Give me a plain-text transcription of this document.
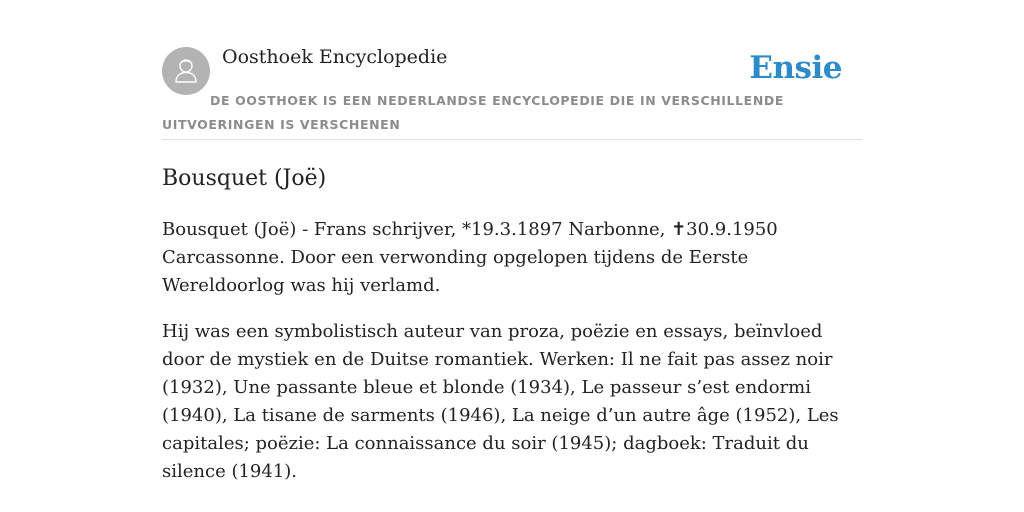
Oosthoek Encyclopedie	Ensie
DE OOSTHOEK IS EEN NEDERLANDSE ENCYCLOPEDIE DIE IN VERSCHILLENDE UITVOERINGEN IS VERSCHENEN
Bousquet (Joë)

Bousquet (Joë) - Frans schrijver, *19.3.1897 Narbonne, ✝30.9.1950 Carcassonne. Door een verwonding opgelopen tijdens de Eerste Wereldoorlog was hij verlamd.

Hij was een symbolistisch auteur van proza, poëzie en essays, beïnvloed door de mystiek en de Duitse romantiek. Werken: Il ne fait pas assez noir (1932), Une passante bleue et blonde (1934), Le passeur s’est endormi (1940), La tisane de sarments (1946), La neige d’un autre âge (1952), Les capitales; poëzie: La connaissance du soir (1945); dagboek: Traduit du silence (1941).
